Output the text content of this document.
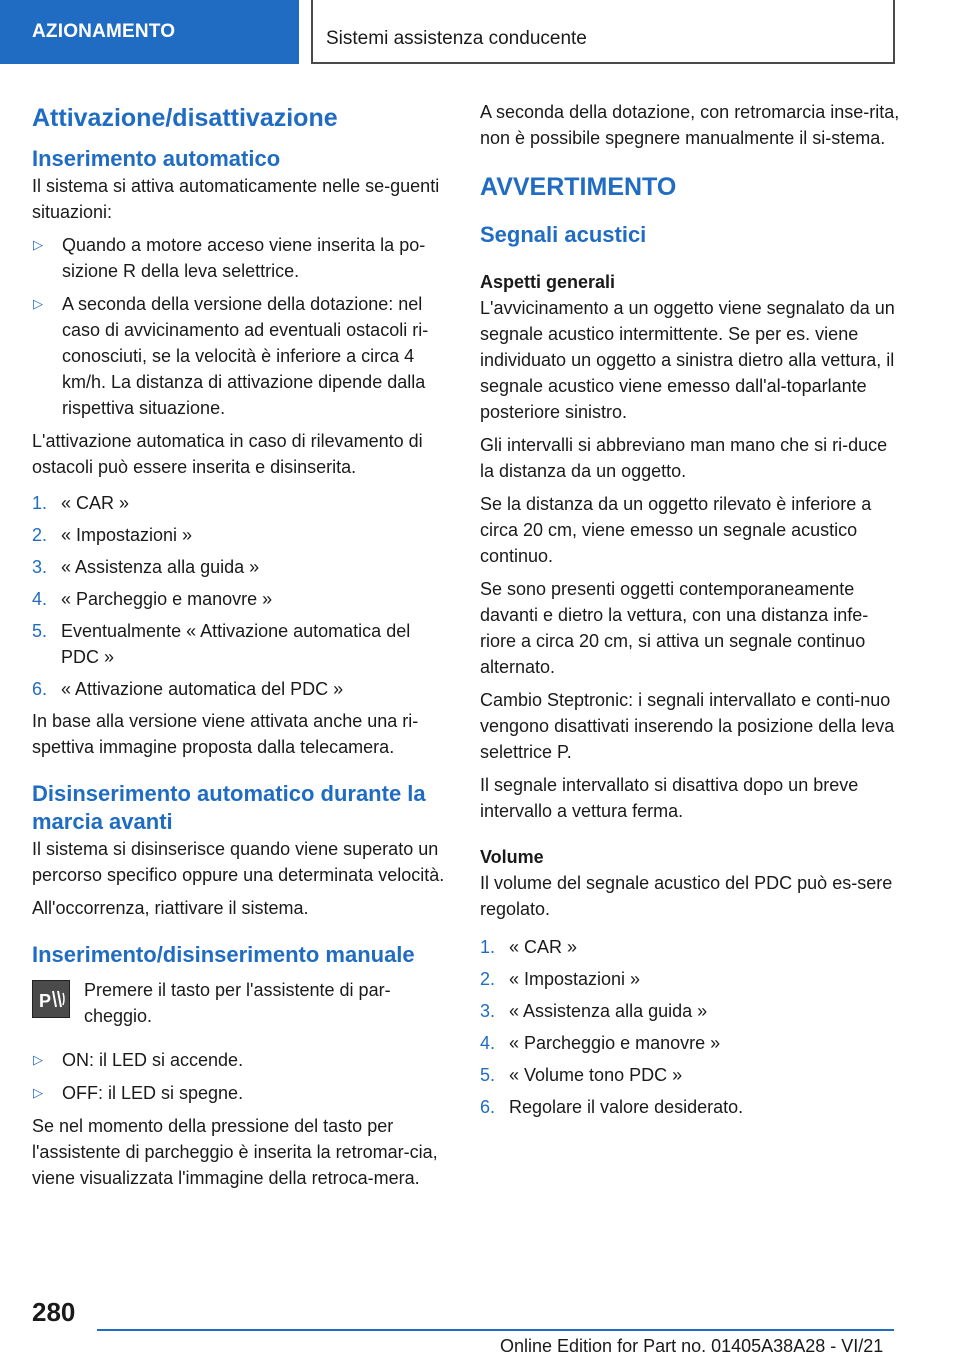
AZIONAMENTO	Sistemi assistenza conducente
Attivazione/disattivazione
Inserimento automatico

Il sistema si attiva automaticamente nelle se-guenti situazioni:

▷	Quando a motore acceso viene inserita la po-sizione R della leva selettrice.
▷	A seconda della versione della dotazione: nel caso di avvicinamento ad eventuali ostacoli ri-conosciuti, se la velocità è inferiore a circa 4 km/h. La distanza di attivazione dipende dalla rispettiva situazione.

L'attivazione automatica in caso di rilevamento di ostacoli può essere inserita e disinserita.

1. « CAR »
2. « Impostazioni »
3. « Assistenza alla guida »
4. « Parcheggio e manovre »
5. Eventualmente « Attivazione automatica del PDC »
6. « Attivazione automatica del PDC »

In base alla versione viene attivata anche una ri-spettiva immagine proposta dalla telecamera.

Disinserimento automatico durante la marcia avanti

Il sistema si disinserisce quando viene superato un percorso specifico oppure una determinata velocità.

All'occorrenza, riattivare il sistema.

Inserimento/disinserimento manuale
P
Premere il tasto per l'assistente di par-cheggio.
▷	ON: il LED si accende.
▷	OFF: il LED si spegne.

Se nel momento della pressione del tasto per l'assistente di parcheggio è inserita la retromar-cia, viene visualizzata l'immagine della retroca-mera.

A seconda della dotazione, con retromarcia inse-rita, non è possibile spegnere manualmente il si-stema.

AVVERTIMENTO
Segnali acustici
Aspetti generali

L'avvicinamento a un oggetto viene segnalato da un segnale acustico intermittente. Se per es. viene individuato un oggetto a sinistra dietro alla vettura, il segnale acustico viene emesso dall'al-toparlante posteriore sinistro.

Gli intervalli si abbreviano man mano che si ri-duce la distanza da un oggetto.

Se la distanza da un oggetto rilevato è inferiore a circa 20 cm, viene emesso un segnale acustico continuo.

Se sono presenti oggetti contemporaneamente davanti e dietro la vettura, con una distanza infe-riore a circa 20 cm, si attiva un segnale continuo alternato.

Cambio Steptronic: i segnali intervallato e conti-nuo vengono disattivati inserendo la posizione della leva selettrice P.

Il segnale intervallato si disattiva dopo un breve intervallo a vettura ferma.

Volume

Il volume del segnale acustico del PDC può es-sere regolato.

1. « CAR »
2. « Impostazioni »
3. « Assistenza alla guida »
4. « Parcheggio e manovre »
5. « Volume tono PDC »
6. Regolare il valore desiderato.
280
Online Edition for Part no. 01405A38A28 - VI/21
